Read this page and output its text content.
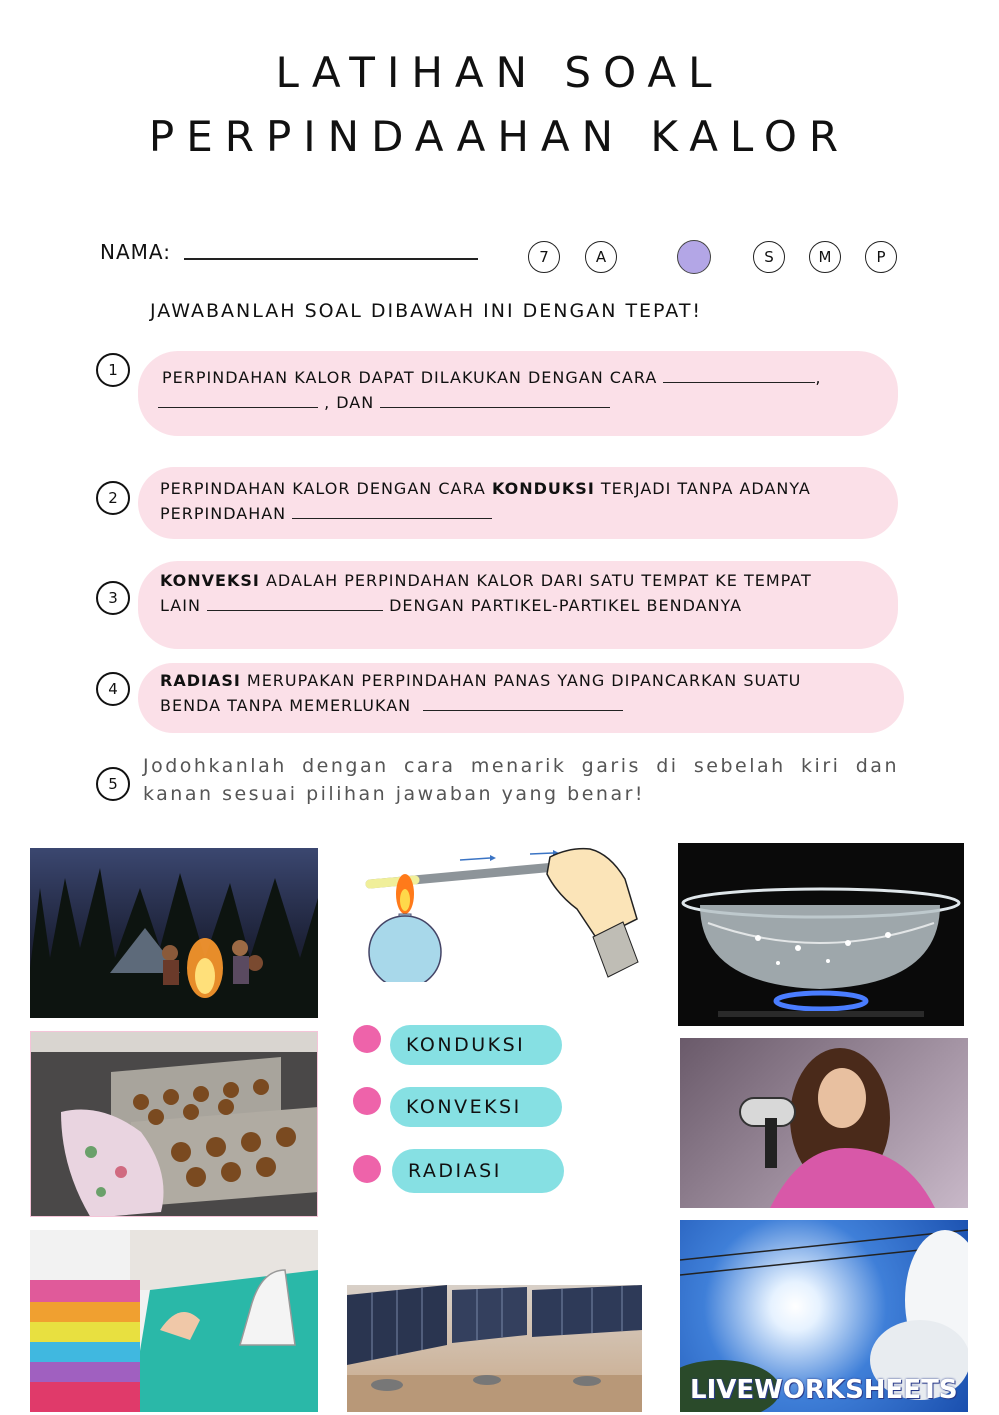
LATIHAN SOAL
PERPINDAAHAN KALOR
NAMA:	7	A	S	M	P
JAWABANLAH SOAL DIBAWAH INI DENGAN TEPAT!
PERPINDAHAN KALOR DAPAT DILAKUKAN DENGAN CARA	,
, DAN
1
PERPINDAHAN KALOR DENGAN CARA KONDUKSI TERJADI TANPA ADANYA
PERPINDAHAN
2
KONVEKSI ADALAH PERPINDAHAN KALOR DARI SATU TEMPAT KE TEMPAT
LAIN	DENGAN PARTIKEL-PARTIKEL BENDANYA
3
RADIASI MERUPAKAN PERPINDAHAN PANAS YANG DIPANCARKAN SUATU
BENDA TANPA MEMERLUKAN
4
5
Jodohkanlah dengan cara menarik garis di sebelah kiri dan kanan sesuai pilihan jawaban yang benar!
KONDUKSI
KONVEKSI
RADIASI
LIVEWORKSHEETS
